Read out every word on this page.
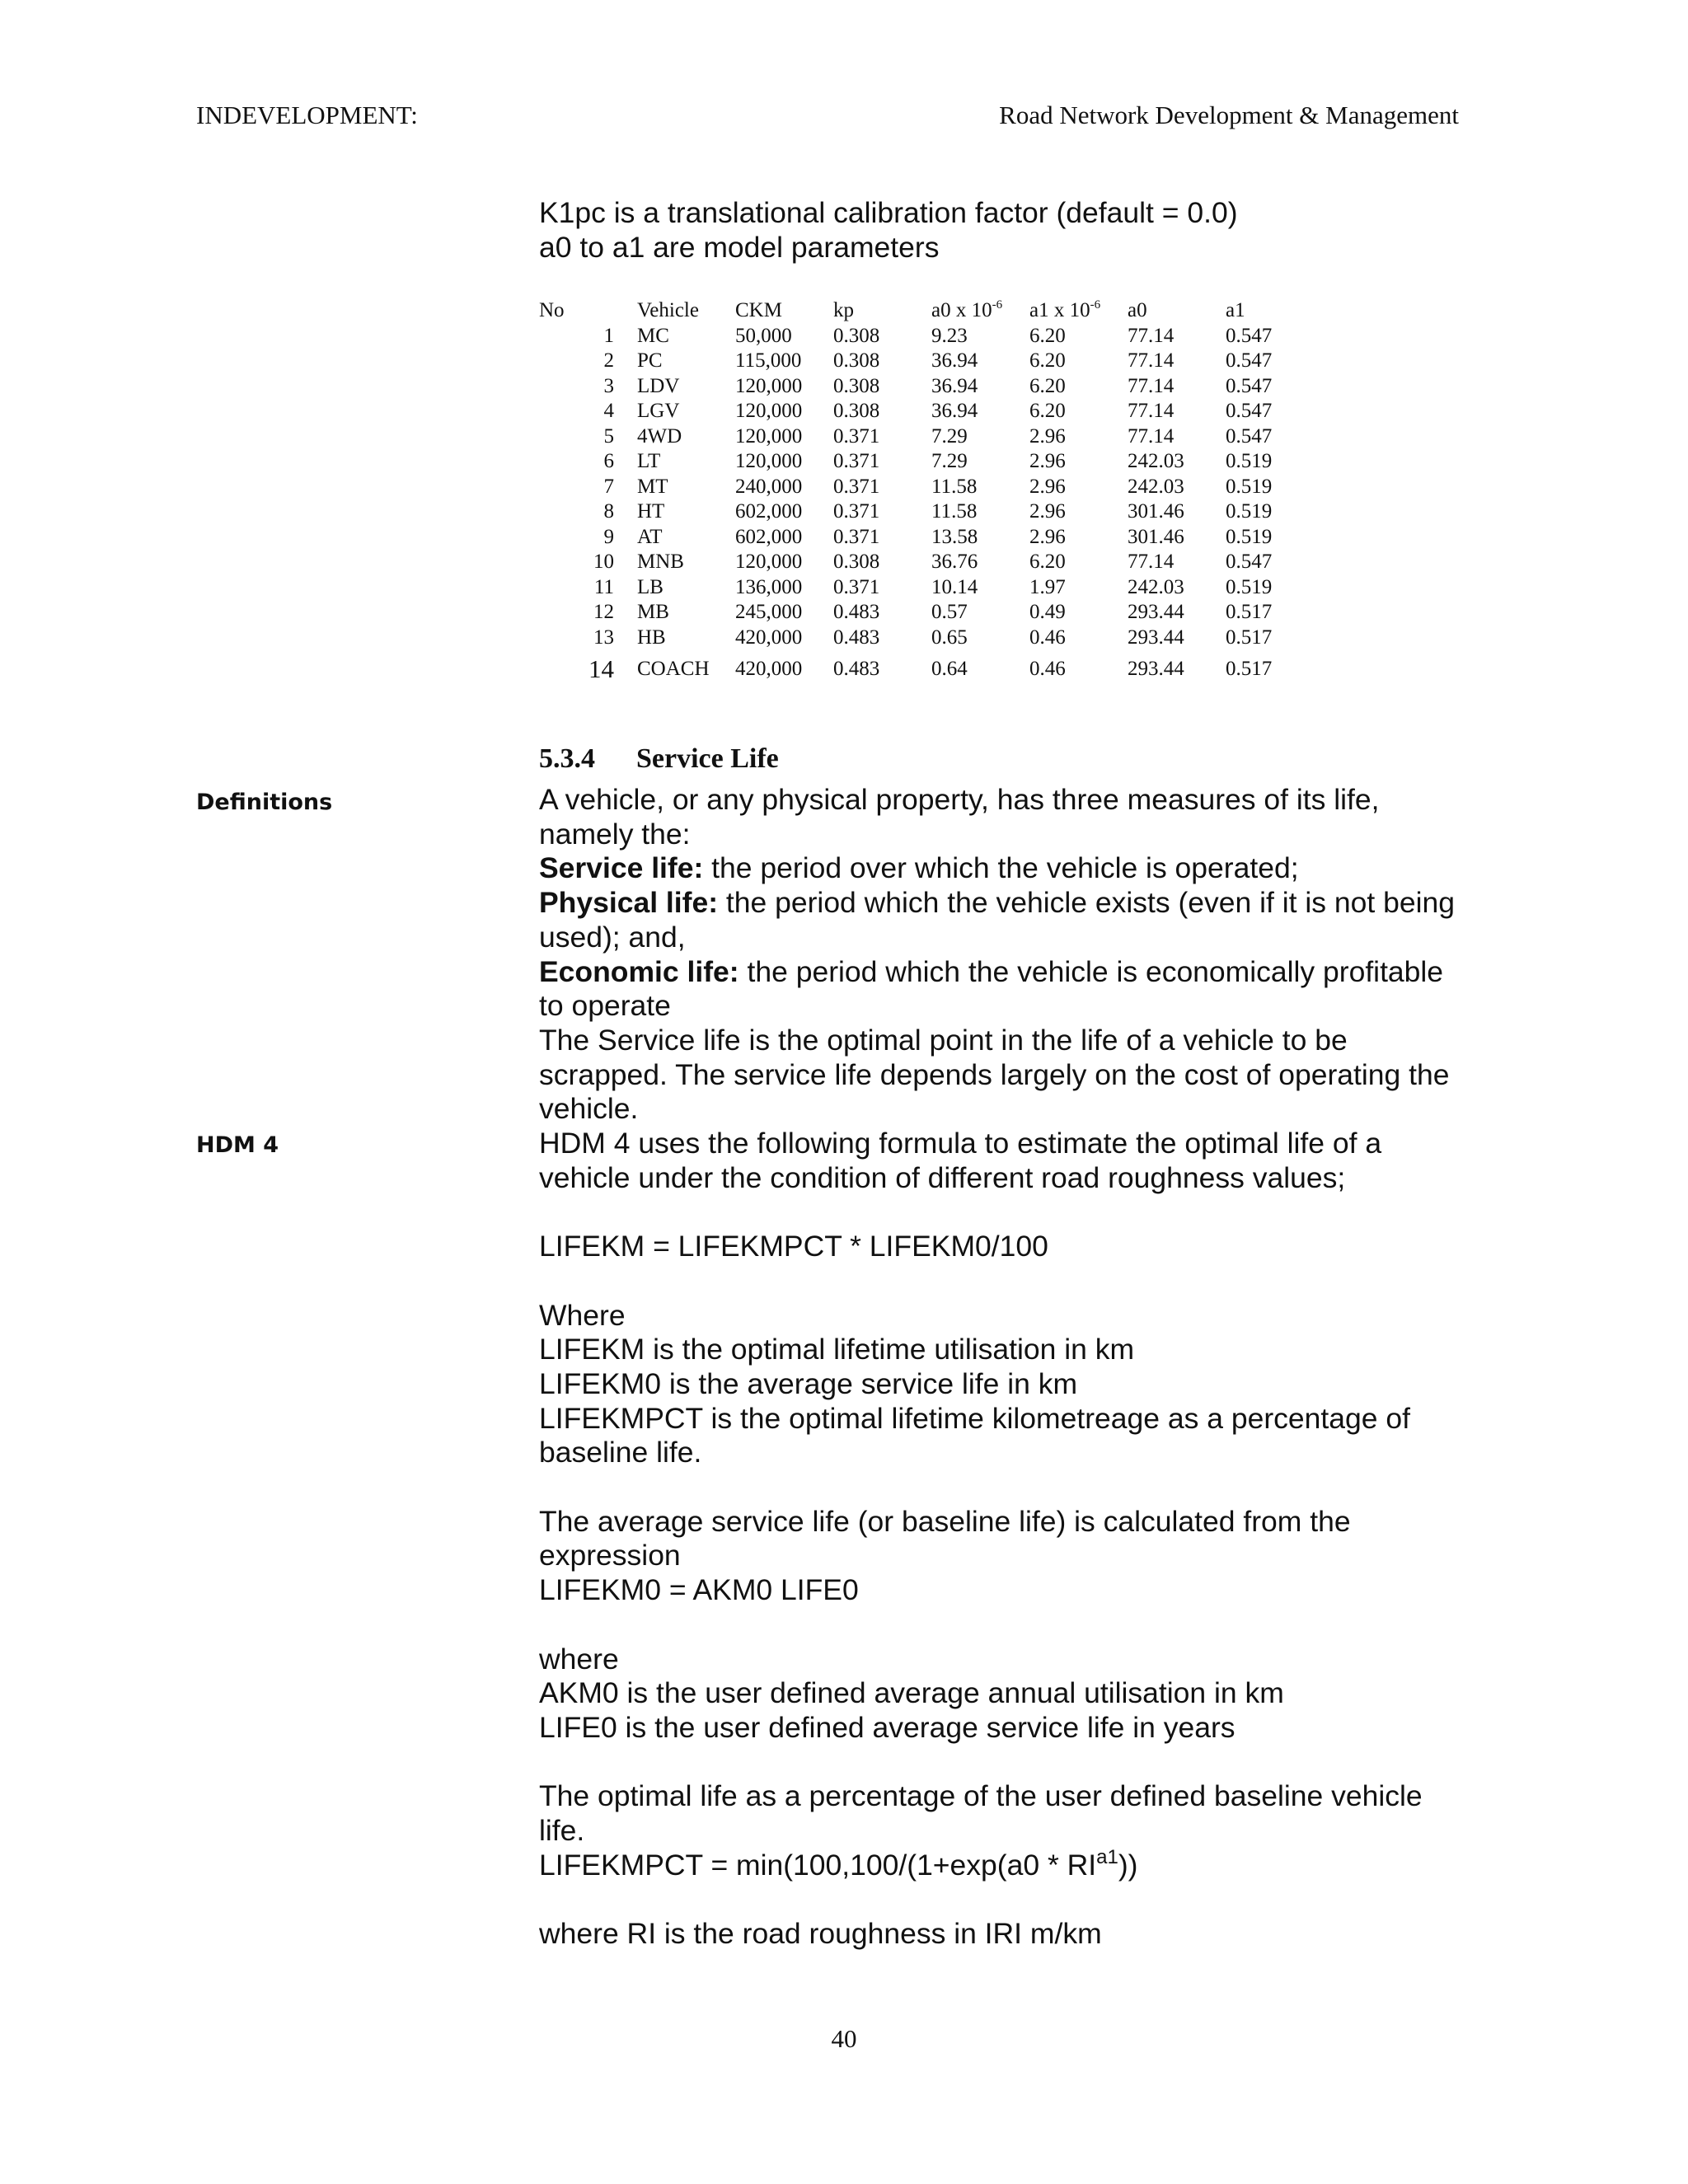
INDEVELOPMENT:	Road Network Development & Management
K1pc is a translational calibration factor (default = 0.0)
a0 to a1 are model parameters
No	Vehicle	CKM	kp	a0 x $10^{-6}$	a1 x $10^{-6}$	a0	a1
1	MC	50,000	0.308	9.23	6.20	77.14	0.547
2	PC	115,000	0.308	36.94	6.20	77.14	0.547
3	LDV	120,000	0.308	36.94	6.20	77.14	0.547
4	LGV	120,000	0.308	36.94	6.20	77.14	0.547
5	4WD	120,000	0.371	7.29	2.96	77.14	0.547
6	LT	120,000	0.371	7.29	2.96	242.03	0.519
7	MT	240,000	0.371	11.58	2.96	242.03	0.519
8	HT	602,000	0.371	11.58	2.96	301.46	0.519
9	AT	602,000	0.371	13.58	2.96	301.46	0.519
10	MNB	120,000	0.308	36.76	6.20	77.14	0.547
11	LB	136,000	0.371	10.14	1.97	242.03	0.519
12	MB	245,000	0.483	0.57	0.49	293.44	0.517
13	HB	420,000	0.483	0.65	0.46	293.44	0.517
14	COACH	420,000	0.483	0.64	0.46	293.44	0.517
5.3.4 Service Life
Definitions
HDM 4

A vehicle, or any physical property, has three measures of its life,

namely the:

Service life: the period over which the vehicle is operated;

Physical life: the period which the vehicle exists (even if it is not being

used); and,

Economic life: the period which the vehicle is economically profitable

to operate

The Service life is the optimal point in the life of a vehicle to be

scrapped. The service life depends largely on the cost of operating the

vehicle.

HDM 4 uses the following formula to estimate the optimal life of a

vehicle under the condition of different road roughness values;

LIFEKM = LIFEKMPCT * LIFEKM0/100

Where

LIFEKM is the optimal lifetime utilisation in km

LIFEKM0 is the average service life in km

LIFEKMPCT is the optimal lifetime kilometreage as a percentage of

baseline life.

The average service life (or baseline life) is calculated from the

expression

LIFEKM0 = AKM0 LIFE0

where

AKM0 is the user defined average annual utilisation in km

LIFE0 is the user defined average service life in years

The optimal life as a percentage of the user defined baseline vehicle

life.

LIFEKMPCT = $\min(100,100/(1+\exp(a0 * RI^{a1}))$

where RI is the road roughness in IRI m/km

40
